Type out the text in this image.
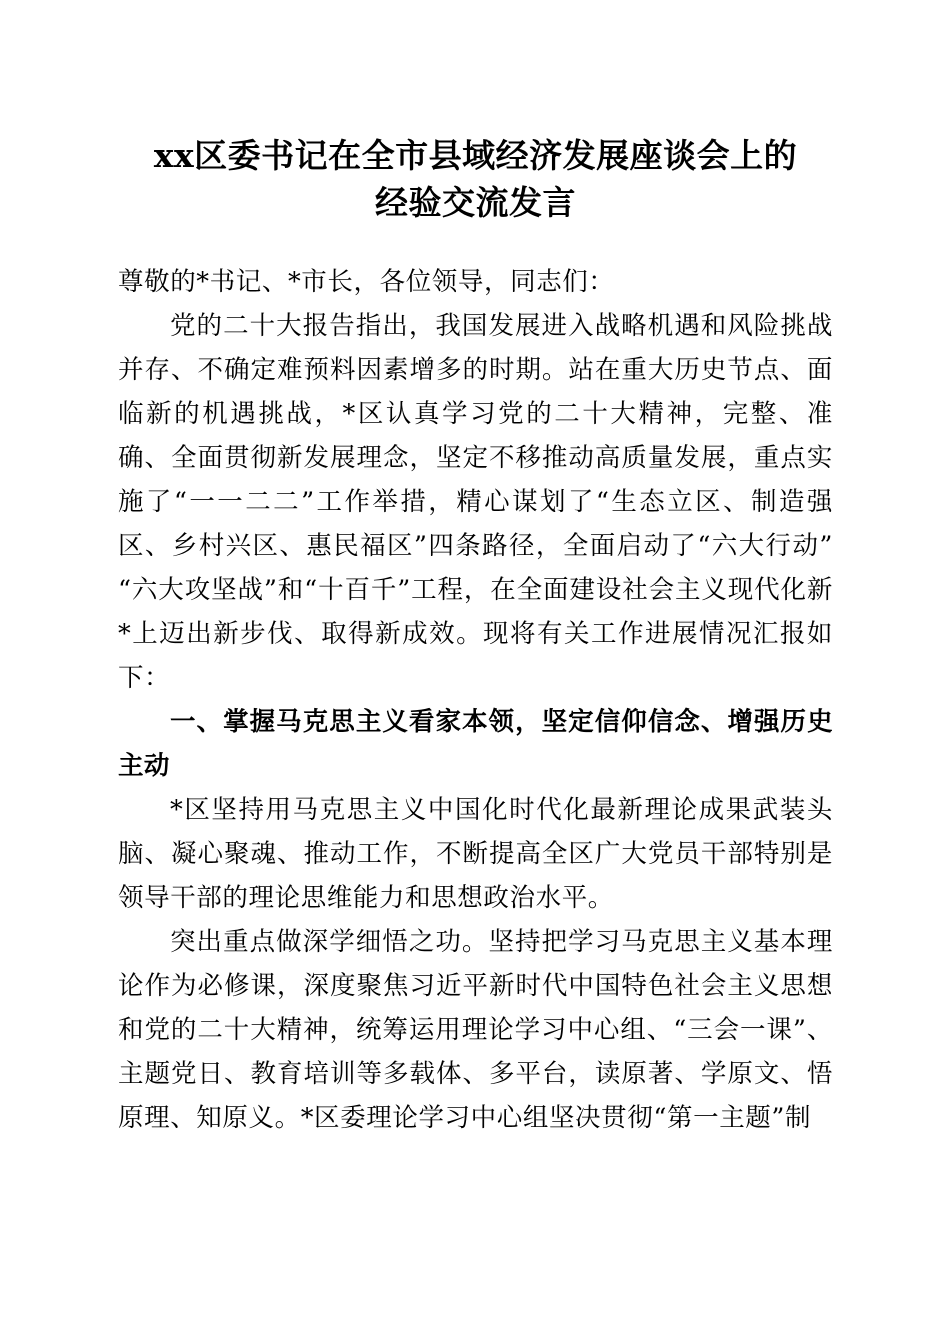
xx区委书记在全市县域经济发展座谈会上的
经验交流发言

尊敬的*书记、*市长，各位领导，同志们：

党的二十大报告指出，我国发展进入战略机遇和风险挑战并存、不确定难预料因素增多的时期。站在重大历史节点、面临新的机遇挑战，*区认真学习党的二十大精神，完整、准确、全面贯彻新发展理念，坚定不移推动高质量发展，重点实施了“一一二二”工作举措，精心谋划了“生态立区、制造强区、乡村兴区、惠民福区”四条路径，全面启动了“六大行动”“六大攻坚战”和“十百千”工程，在全面建设社会主义现代化新*上迈出新步伐、取得新成效。现将有关工作进展情况汇报如下：

一、掌握马克思主义看家本领，坚定信仰信念、增强历史主动

*区坚持用马克思主义中国化时代化最新理论成果武装头脑、凝心聚魂、推动工作，不断提高全区广大党员干部特别是领导干部的理论思维能力和思想政治水平。

突出重点做深学细悟之功。坚持把学习马克思主义基本理论作为必修课，深度聚焦习近平新时代中国特色社会主义思想和党的二十大精神，统筹运用理论学习中心组、“三会一课”、主题党日、教育培训等多载体、多平台，读原著、学原文、悟原理、知原义。*区委理论学习中心组坚决贯彻“第一主题”制
